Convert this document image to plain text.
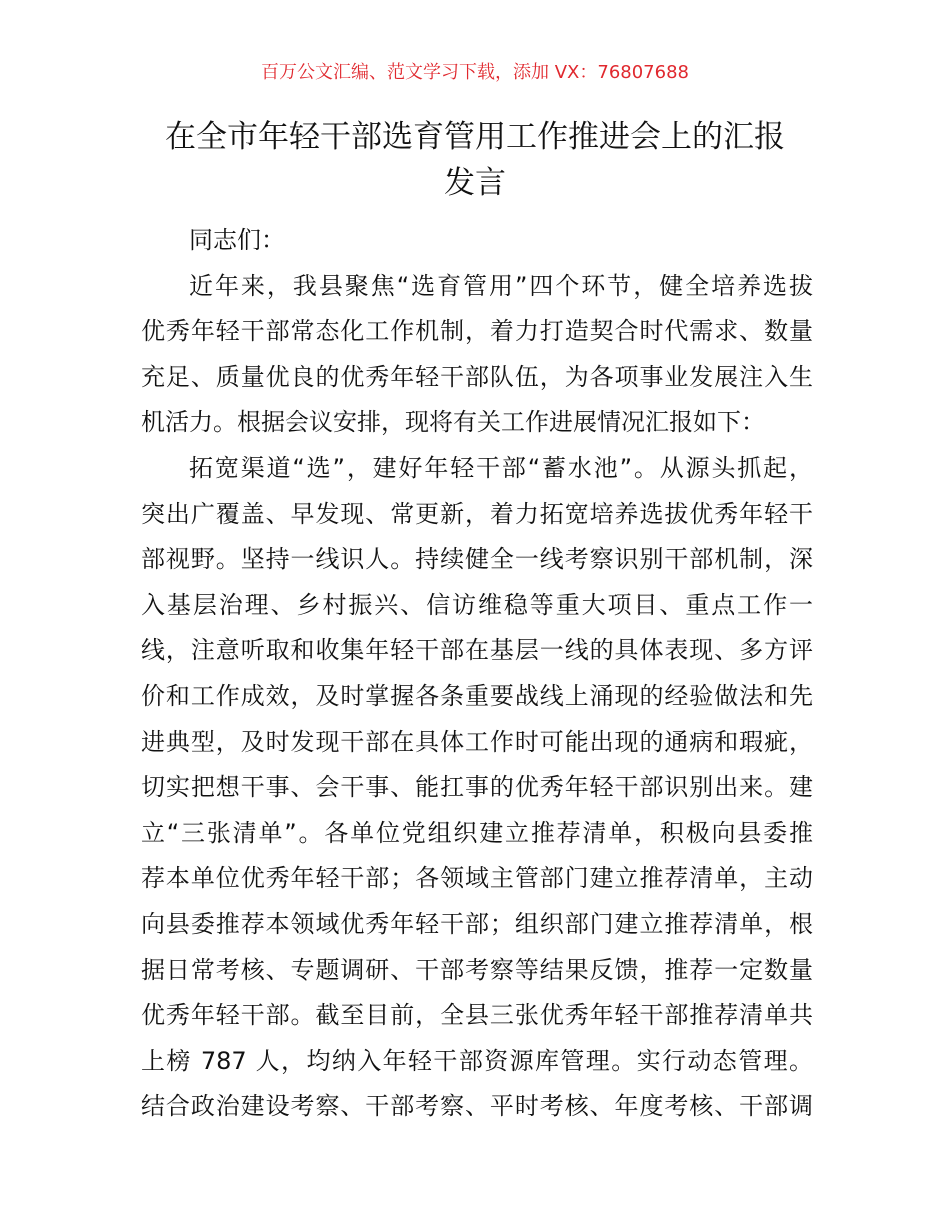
百万公文汇编、范文学习下载，添加 VX：76807688
在全市年轻干部选育管用工作推进会上的汇报
发言
同志们：
近年来，我县聚焦“选育管用”四个环节，健全培养选拔
优秀年轻干部常态化工作机制，着力打造契合时代需求、数量
充足、质量优良的优秀年轻干部队伍，为各项事业发展注入生
机活力。根据会议安排，现将有关工作进展情况汇报如下：
拓宽渠道“选”，建好年轻干部“蓄水池”。从源头抓起，
突出广覆盖、早发现、常更新，着力拓宽培养选拔优秀年轻干
部视野。坚持一线识人。持续健全一线考察识别干部机制，深
入基层治理、乡村振兴、信访维稳等重大项目、重点工作一
线，注意听取和收集年轻干部在基层一线的具体表现、多方评
价和工作成效，及时掌握各条重要战线上涌现的经验做法和先
进典型，及时发现干部在具体工作时可能出现的通病和瑕疵，
切实把想干事、会干事、能扛事的优秀年轻干部识别出来。建
立“三张清单”。各单位党组织建立推荐清单，积极向县委推
荐本单位优秀年轻干部；各领域主管部门建立推荐清单，主动
向县委推荐本领域优秀年轻干部；组织部门建立推荐清单，根
据日常考核、专题调研、干部考察等结果反馈，推荐一定数量
优秀年轻干部。截至目前，全县三张优秀年轻干部推荐清单共
上榜 787 人，均纳入年轻干部资源库管理。实行动态管理。
结合政治建设考察、干部考察、平时考核、年度考核、干部调
